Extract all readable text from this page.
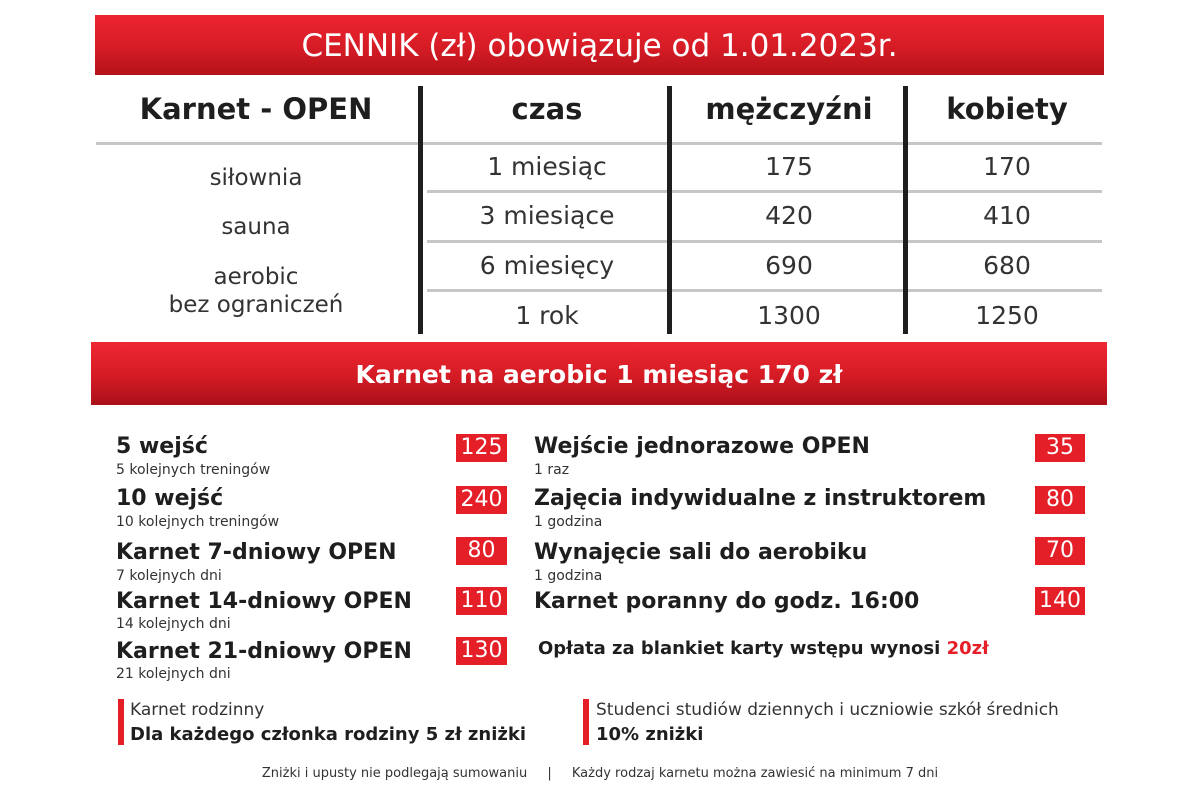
CENNIK (zł) obowiązuje od 1.01.2023r.
Karnet - OPEN	czas	mężczyźni	kobiety
siłownia
sauna
aerobic
bez ograniczeń
1 miesiąc	175	170
3 miesiące	420	410
6 miesięcy	690	680
1 rok	1300	1250
Karnet na aerobic 1 miesiąc 170 zł
5 wejść
5 kolejnych treningów
125
10 wejść
10 kolejnych treningów
240
Karnet 7-dniowy OPEN
7 kolejnych dni
80
Karnet 14-dniowy OPEN
14 kolejnych dni
110
Karnet 21-dniowy OPEN
21 kolejnych dni
130
Wejście jednorazowe OPEN
1 raz
35
Zajęcia indywidualne z instruktorem
1 godzina
80
Wynajęcie sali do aerobiku
1 godzina
70
Karnet poranny do godz. 16:00	140
Opłata za blankiet karty wstępu wynosi 20zł
Karnet rodzinny
Dla każdego członka rodziny 5 zł zniżki
Studenci studiów dziennych i uczniowie szkół średnich
10% zniżki
Zniżki i upusty nie podlegają sumowaniu | Każdy rodzaj karnetu można zawiesić na minimum 7 dni
